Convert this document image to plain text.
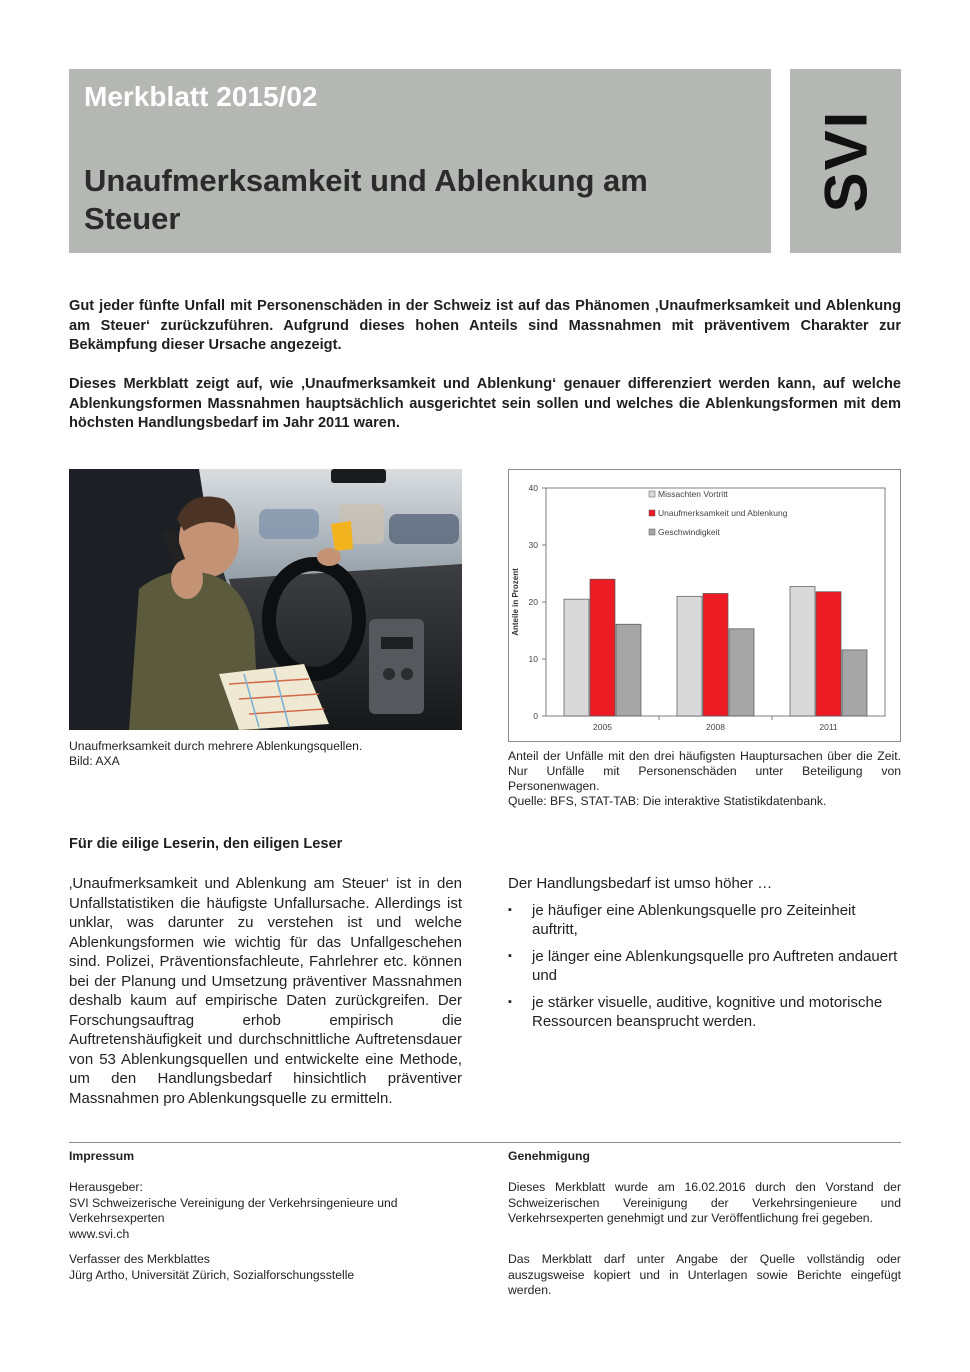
Merkblatt 2015/02
Unaufmerksamkeit und Ablenkung am Steuer
SVI

Gut jeder fünfte Unfall mit Personenschäden in der Schweiz ist auf das Phänomen ‚Unaufmerksamkeit und Ablenkung am Steuer‘ zurückzuführen. Aufgrund dieses hohen Anteils sind Massnahmen mit präventivem Charakter zur Bekämpfung dieser Ursache angezeigt.

Dieses Merkblatt zeigt auf, wie ‚Unaufmerksamkeit und Ablenkung‘ genauer differenziert werden kann, auf welche Ablenkungsformen Massnahmen hauptsächlich ausgerichtet sein sollen und welches die Ablenkungsformen mit dem höchsten Handlungsbedarf im Jahr 2011 waren.

Unaufmerksamkeit durch mehrere Ablenkungsquellen.
Bild: AXA
0
10
20
30
40
Anteile in Prozent
2005	2008	2011
Missachten Vortritt
Unaufmerksamkeit und Ablenkung
Geschwindigkeit
Anteil der Unfälle mit den drei häufigsten Hauptursachen über die Zeit. Nur Unfälle mit Personenschäden unter Beteiligung von Personenwagen.
Quelle: BFS, STAT-TAB: Die interaktive Statistikdatenbank.
Für die eilige Leserin, den eiligen Leser

‚Unaufmerksamkeit und Ablenkung am Steuer‘ ist in den Unfallstatistiken die häufigste Unfallursache. Allerdings ist unklar, was darunter zu verstehen ist und welche Ablenkungsformen wie wichtig für das Unfallgeschehen sind. Polizei, Präventionsfachleute, Fahrlehrer etc. können bei der Planung und Umsetzung präventiver Massnahmen deshalb kaum auf empirische Daten zurückgreifen. Der Forschungsauftrag erhob empirisch die Auftretenshäufigkeit und durchschnittliche Auftretensdauer von 53 Ablenkungsquellen und entwickelte eine Methode, um den Handlungsbedarf hinsichtlich präventiver Massnahmen pro Ablenkungsquelle zu ermitteln.

Der Handlungsbedarf ist umso höher …
▪ je häufiger eine Ablenkungsquelle pro Zeiteinheit auftritt,
▪ je länger eine Ablenkungsquelle pro Auftreten andauert und
▪ je stärker visuelle, auditive, kognitive und motorische Ressourcen beansprucht werden.
Impressum
Herausgeber:
SVI Schweizerische Vereinigung der Verkehrsingenieure und Verkehrsexperten
www.svi.ch
Verfasser des Merkblattes
Jürg Artho, Universität Zürich, Sozialforschungsstelle
Genehmigung
Dieses Merkblatt wurde am 16.02.2016 durch den Vorstand der Schweizerischen Vereinigung der Verkehrsingenieure und Verkehrsexperten genehmigt und zur Veröffentlichung frei gegeben.
Das Merkblatt darf unter Angabe der Quelle vollständig oder auszugsweise kopiert und in Unterlagen sowie Berichte eingefügt werden.
